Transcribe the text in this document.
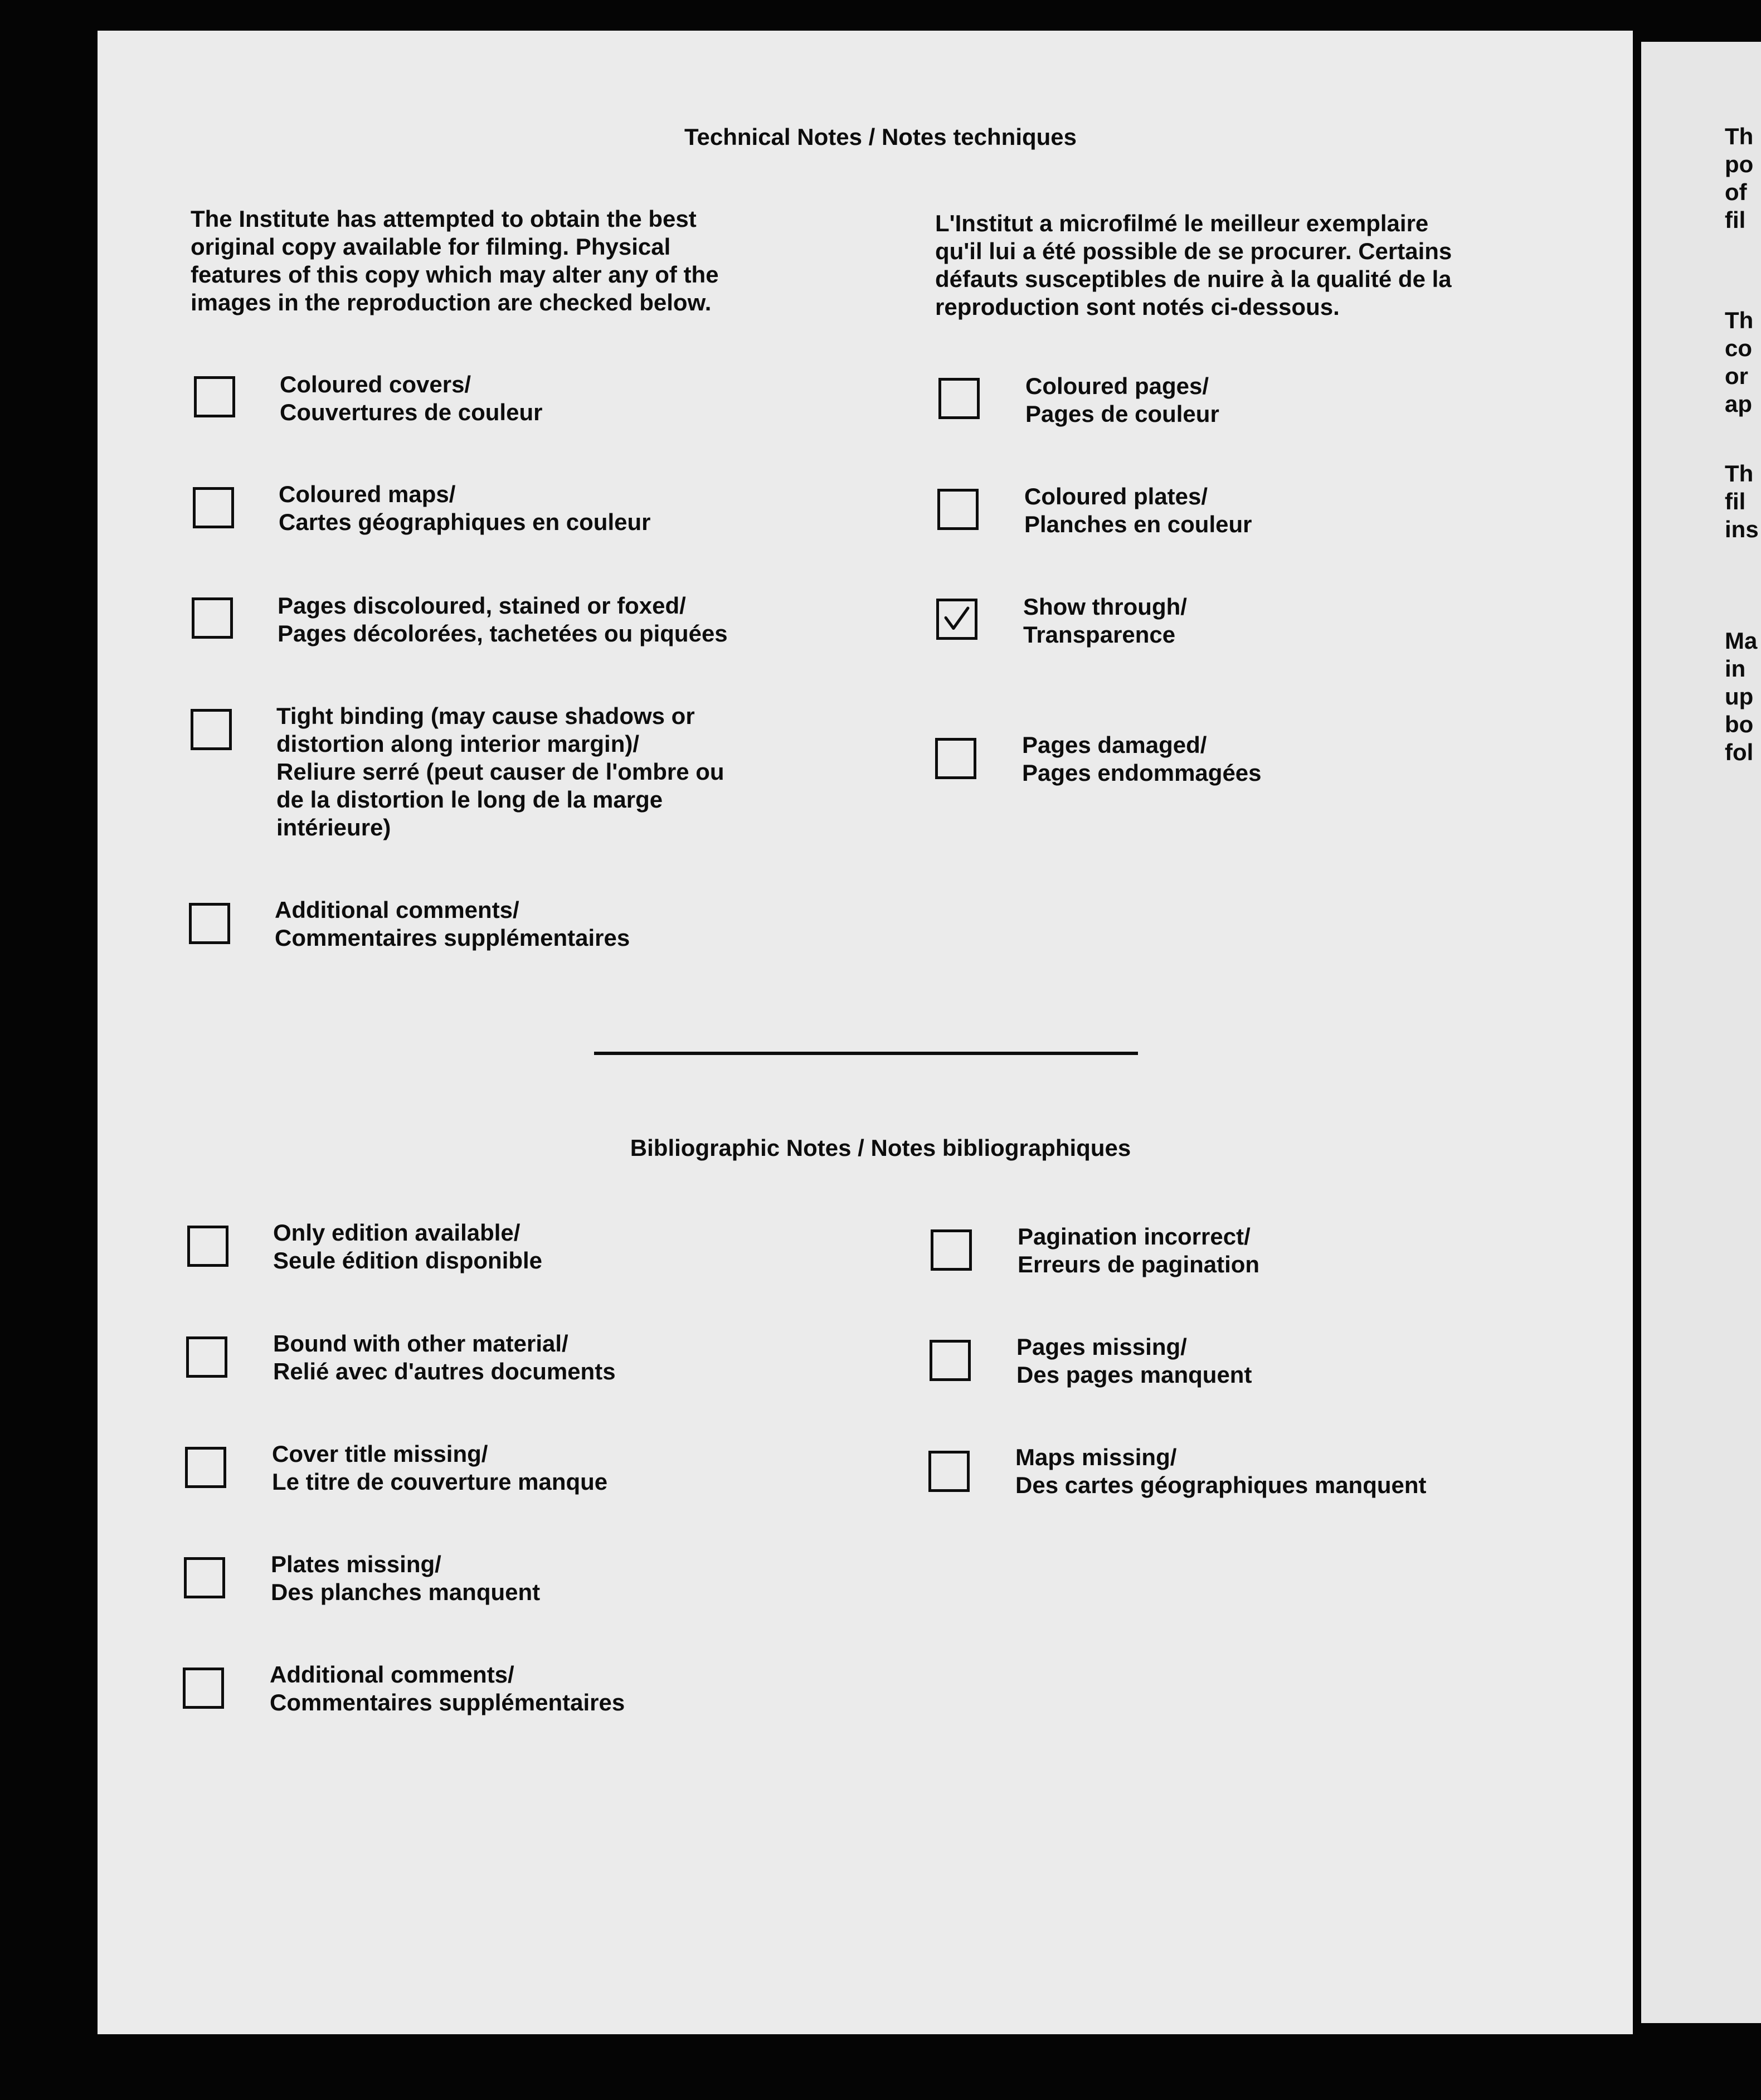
Technical Notes / Notes techniques
The Institute has attempted to obtain the best
original copy available for filming. Physical
features of this copy which may alter any of the
images in the reproduction are checked below.
L'Institut a microfilmé le meilleur exemplaire
qu'il lui a été possible de se procurer. Certains
défauts susceptibles de nuire à la qualité de la
reproduction sont notés ci-dessous.
Coloured covers/
Couvertures de couleur
Coloured maps/
Cartes géographiques en couleur
Pages discoloured, stained or foxed/
Pages décolorées, tachetées ou piquées
Tight binding (may cause shadows or
distortion along interior margin)/
Reliure serré (peut causer de l'ombre ou
de la distortion le long de la marge
intérieure)
Additional comments/
Commentaires supplémentaires
Coloured pages/
Pages de couleur
Coloured plates/
Planches en couleur
Show through/
Transparence
Pages damaged/
Pages endommagées
Bibliographic Notes / Notes bibliographiques
Only edition available/
Seule édition disponible
Bound with other material/
Relié avec d'autres documents
Cover title missing/
Le titre de couverture manque
Plates missing/
Des planches manquent
Additional comments/
Commentaires supplémentaires
Pagination incorrect/
Erreurs de pagination
Pages missing/
Des pages manquent
Maps missing/
Des cartes géographiques manquent
Th
po
of
fil
Th
co
or
ap
Th
fil
ins
Ma
in
up
bo
fol
